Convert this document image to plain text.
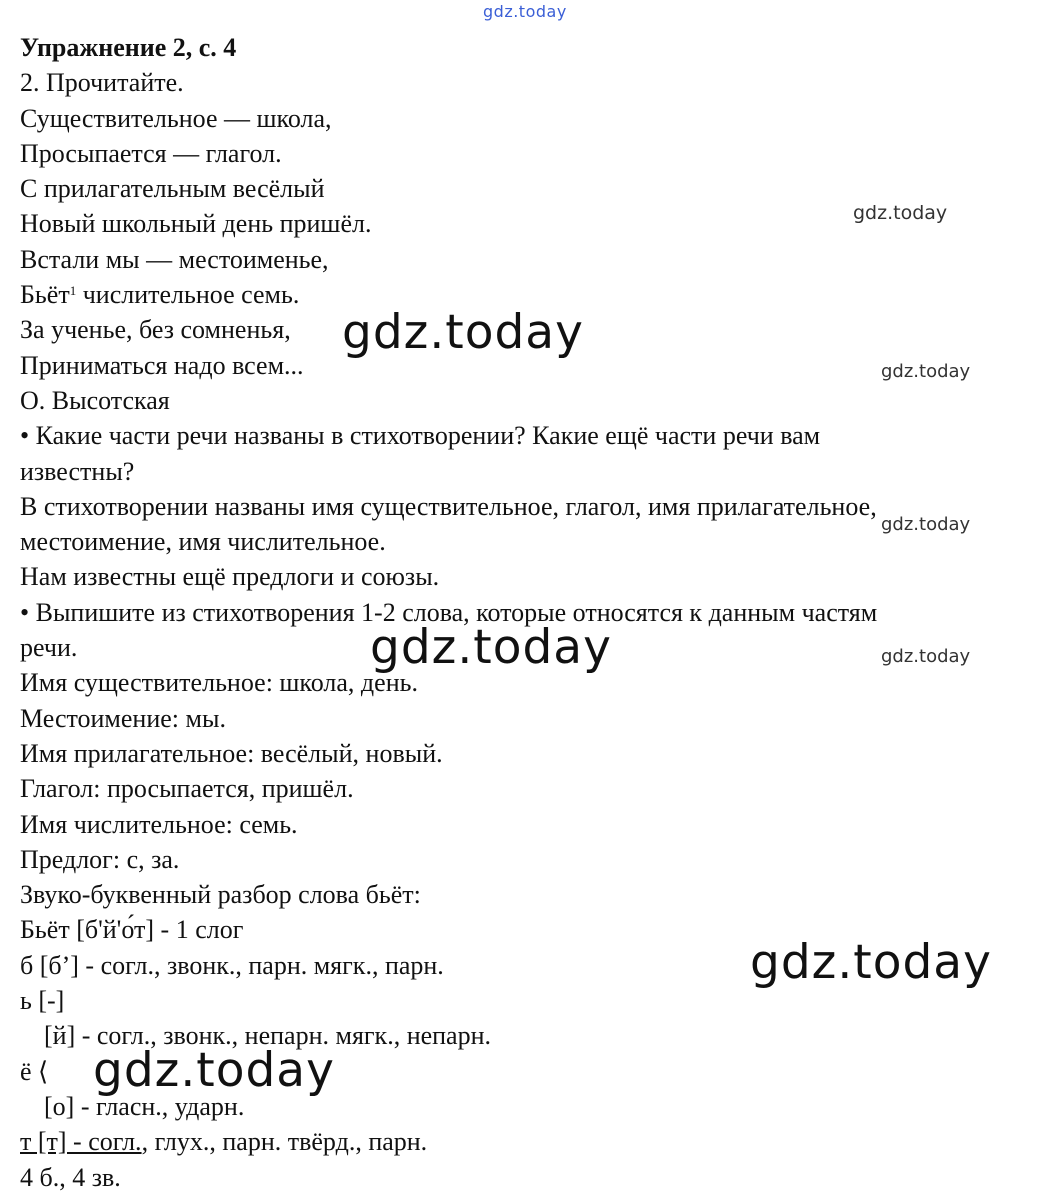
gdz.today

Упражнение 2, с. 4

2. Прочитайте.

Существительное — школа,

Просыпается — глагол.

С прилагательным весёлый

Новый школьный день пришёл.

Встали мы — местоименье,

Бьёт$^1$ числительное семь.

За ученье, без сомненья,

Приниматься надо всем...

О. Высотская

• Какие части речи названы в стихотворении? Какие ещё части речи вам

известны?

В стихотворении названы имя существительное, глагол, имя прилагательное,

местоимение, имя числительное.

Нам известны ещё предлоги и союзы.

• Выпишите из стихотворения 1-2 слова, которые относятся к данным частям

речи.

Имя существительное: школа, день.

Местоимение: мы.

Имя прилагательное: весёлый, новый.

Глагол: просыпается, пришёл.

Имя числительное: семь.

Предлог: с, за.

Звуко-буквенный разбор слова бьёт:

Бьёт [б'й'о́т] - 1 слог

б [б’] - согл., звонк., парн. мягк., парн.

ь [-]

[й] - согл., звонк., непарн. мягк., непарн.

ё ⟨

[о] - гласн., ударн.

т [т] - согл., глух., парн. твёрд., парн.

4 б., 4 зв.

gdz.today
gdz.today
gdz.today
gdz.today
gdz.today
gdz.today
gdz.today
gdz.today
